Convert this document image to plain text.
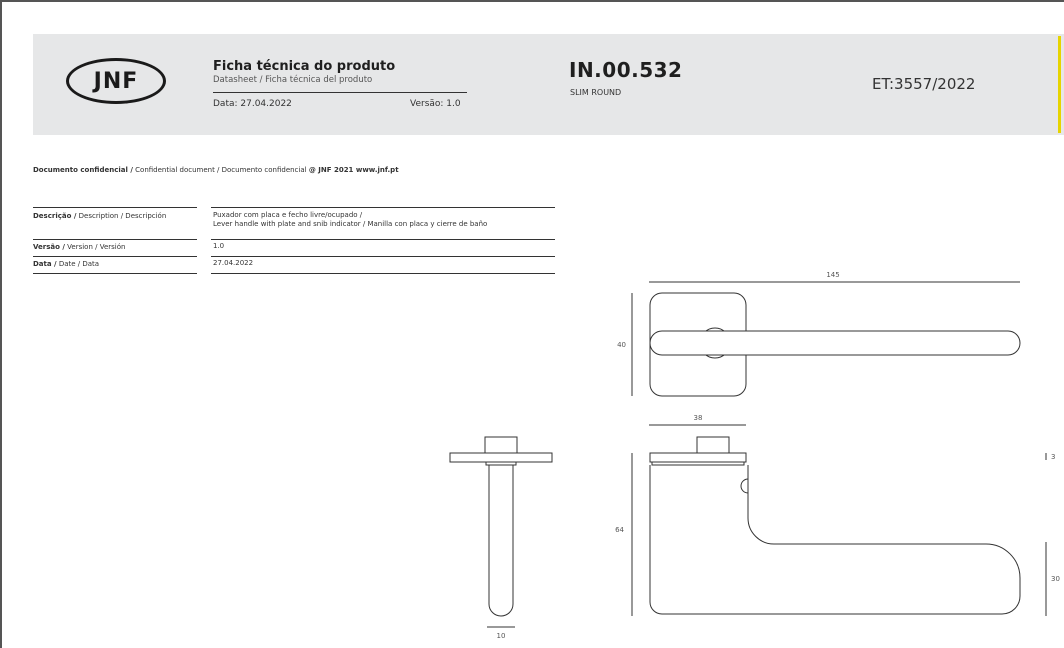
JNF
Ficha técnica do produto
Datasheet / Ficha técnica del produto
Data: 27.04.2022	Versão: 1.0
IN.00.532
SLIM ROUND	ET:3557/2022
Documento confidencial / Confidential document / Documento confidencial @ JNF 2021 www.jnf.pt
Descrição / Description / Descripción	Puxador com placa e fecho livre/ocupado /
Lever handle with plate and snib indicator / Manilla con placa y cierre de baño
Versão / Version / Versión	1.0
Data / Date / Data	27.04.2022
145
40
38
3
64
30
10
